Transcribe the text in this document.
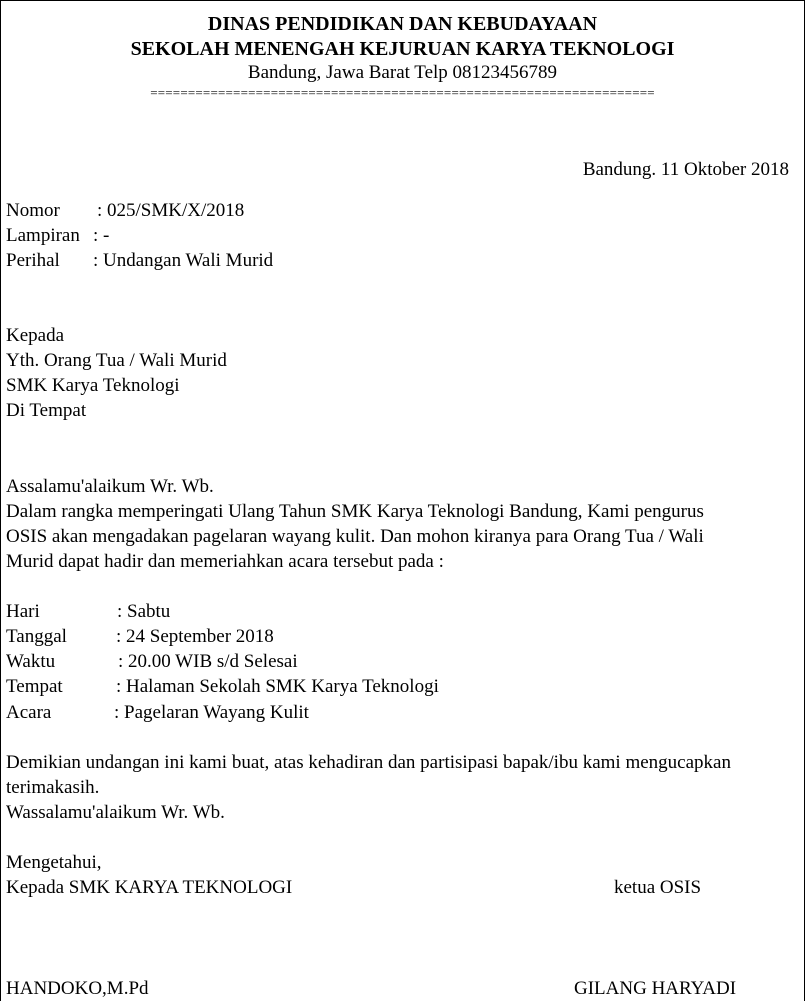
DINAS PENDIDIKAN DAN KEBUDAYAAN
SEKOLAH MENENGAH KEJURUAN KARYA TEKNOLOGI
Bandung, Jawa Barat Telp 08123456789
===================================================================
Bandung. 11 Oktober 2018
Nomor : 025/SMK/X/2018
Lampiran : -
Perihal : Undangan Wali Murid
Kepada
Yth. Orang Tua / Wali Murid
SMK Karya Teknologi
Di Tempat
Assalamu'alaikum Wr. Wb.
Dalam rangka memperingati Ulang Tahun SMK Karya Teknologi Bandung, Kami pengurus
OSIS akan mengadakan pagelaran wayang kulit. Dan mohon kiranya para Orang Tua / Wali
Murid dapat hadir dan memeriahkan acara tersebut pada :
Hari	: Sabtu
Tanggal	: 24 September 2018
Waktu	: 20.00 WIB s/d Selesai
Tempat	: Halaman Sekolah SMK Karya Teknologi
Acara	: Pagelaran Wayang Kulit
Demikian undangan ini kami buat, atas kehadiran dan partisipasi bapak/ibu kami mengucapkan
terimakasih.
Wassalamu'alaikum Wr. Wb.
Mengetahui,
Kepada SMK KARYA TEKNOLOGI	ketua OSIS
HANDOKO,M.Pd	GILANG HARYADI
